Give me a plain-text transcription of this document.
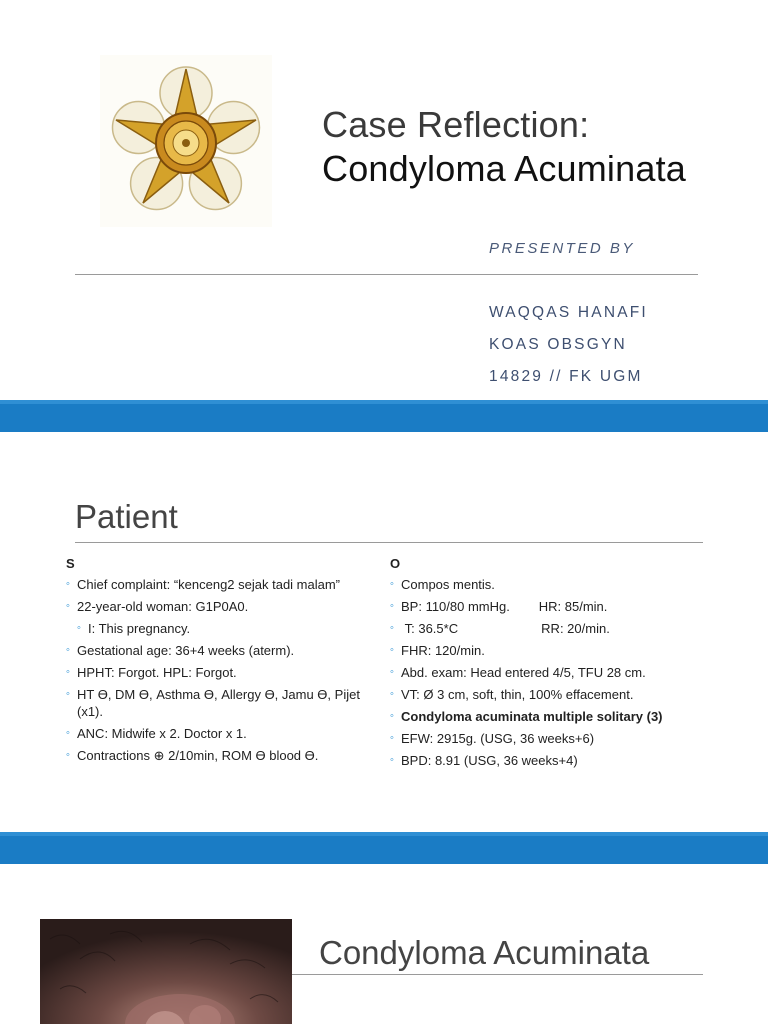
Case Reflection:
Condyloma Acuminata
PRESENTED BY
WAQQAS HANAFI
KOAS OBSGYN
14829 // FK UGM
Patient
S
◦ Chief complaint: “kenceng2 sejak tadi malam”
◦ 22-year-old woman: G1P0A0.
◦ I: This pregnancy.
◦ Gestational age: 36+4 weeks (aterm).
◦ HPHT: Forgot. HPL: Forgot.
◦ HT ϴ, DM ϴ, Asthma ϴ, Allergy ϴ, Jamu ϴ, Pijet (x1).
◦ ANC: Midwife x 2. Doctor x 1.
◦ Contractions ⊕ 2/10min, ROM ϴ blood ϴ.
O
◦ Compos mentis.
◦ BP: 110/80 mmHg.        HR: 85/min.
◦ T: 36.5*C                       RR: 20/min.
◦ FHR: 120/min.
◦ Abd. exam: Head entered 4/5, TFU 28 cm.
◦ VT: Ø 3 cm, soft, thin, 100% effacement.
◦ Condyloma acuminata multiple solitary (3)
◦ EFW: 2915g. (USG, 36 weeks+6)
◦ BPD: 8.91 (USG, 36 weeks+4)
Condyloma Acuminata
